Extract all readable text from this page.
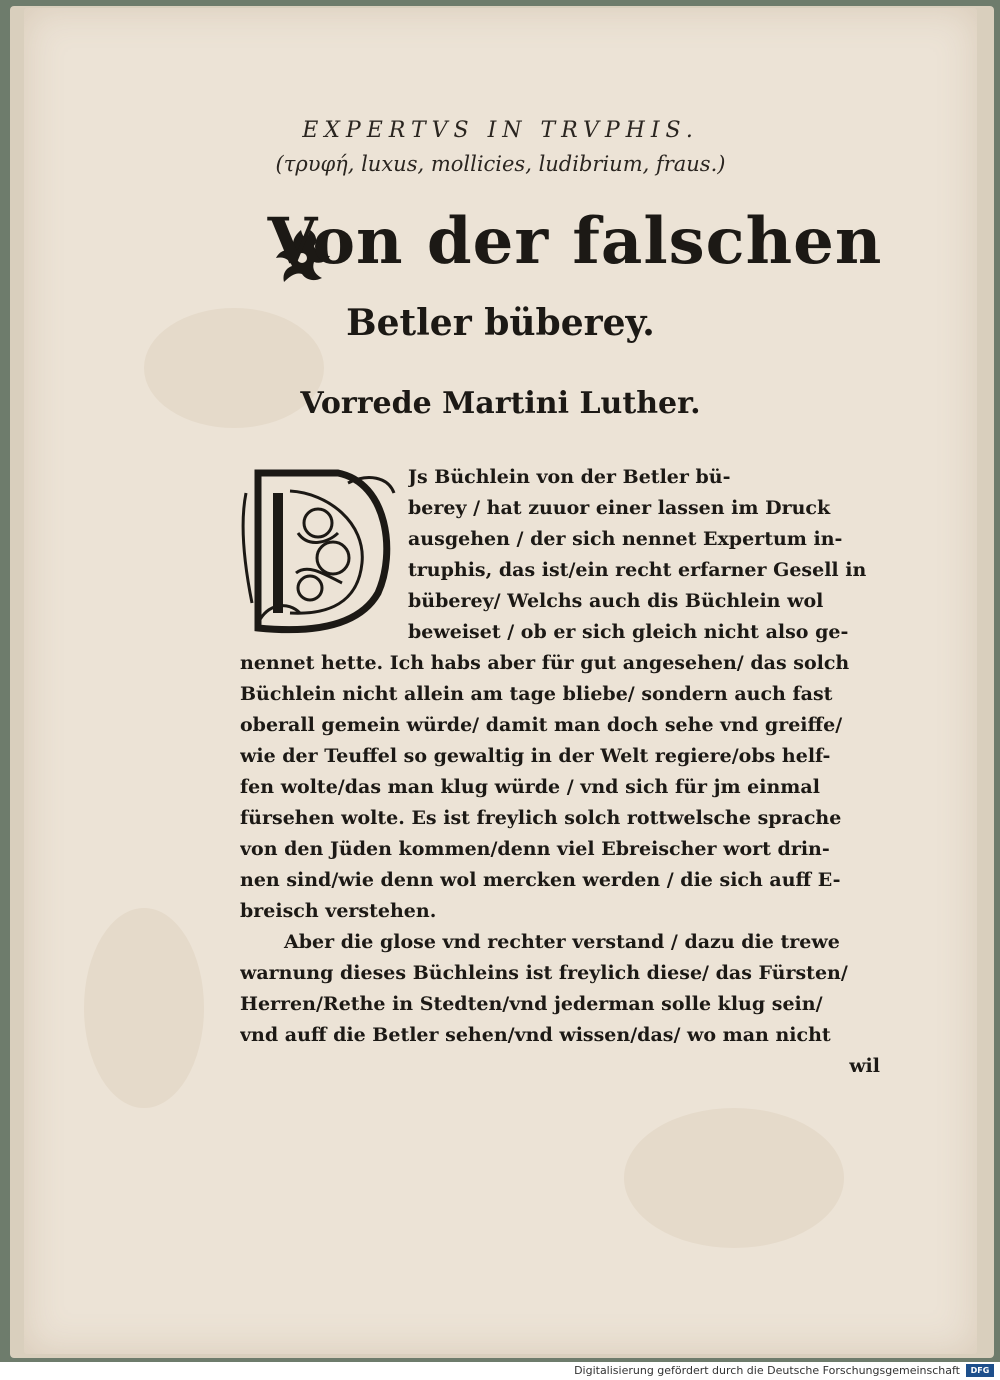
EXPERTVS IN TRVPHIS.
(τρυφή, luxus, mollicies, ludibrium, fraus.)
Von der falschen
Betler büberey.
Vorrede Martini Luther.
Js Büchlein von der Betler bü-
berey / hat zuuor einer lassen im Druck
ausgehen / der sich nennet Expertum in-
truphis, das ist/ein recht erfarner Gesell in
büberey/ Welchs auch dis Büchlein wol
beweiset / ob er sich gleich nicht also ge-
nennet hette. Ich habs aber für gut angesehen/ das solch
Büchlein nicht allein am tage bliebe/ sondern auch fast
oberall gemein würde/ damit man doch sehe vnd greiffe/
wie der Teuffel so gewaltig in der Welt regiere/obs helf-
fen wolte/das man klug würde / vnd sich für jm einmal
fürsehen wolte. Es ist freylich solch rottwelsche sprache
von den Jüden kommen/denn viel Ebreischer wort drin-
nen sind/wie denn wol mercken werden / die sich auff E-
breisch verstehen.
Aber die glose vnd rechter verstand / dazu die trewe
warnung dieses Büchleins ist freylich diese/ das Fürsten/
Herren/Rethe in Stedten/vnd jederman solle klug sein/
vnd auff die Betler sehen/vnd wissen/das/ wo man nicht
wil
Digitalisierung gefördert durch die Deutsche Forschungsgemeinschaft	DFG
